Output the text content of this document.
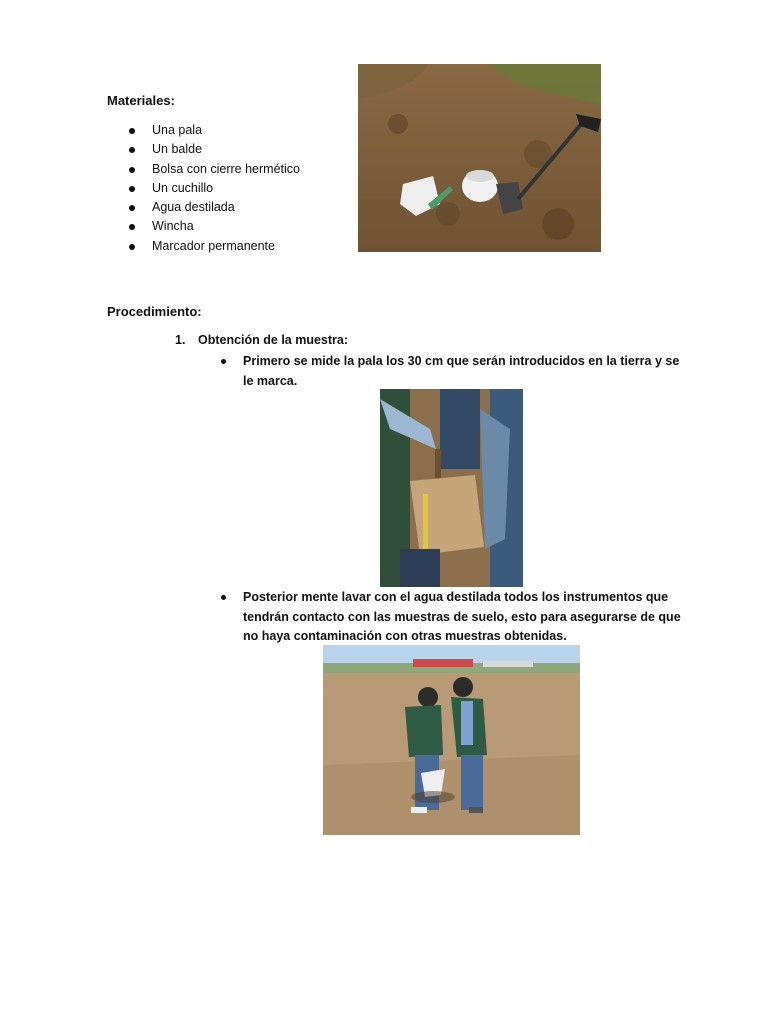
Materiales:
Una pala
Un balde
Bolsa con cierre hermético
Un cuchillo
Agua destilada
Wincha
Marcador permanente
Procedimiento:
1. Obtención de la muestra:
Primero se mide la pala los 30 cm que serán introducidos en la tierra y se
le marca.
Posterior mente lavar con el agua destilada todos los instrumentos que
tendrán contacto con las muestras de suelo, esto para asegurarse de que
no haya contaminación con otras muestras obtenidas.
